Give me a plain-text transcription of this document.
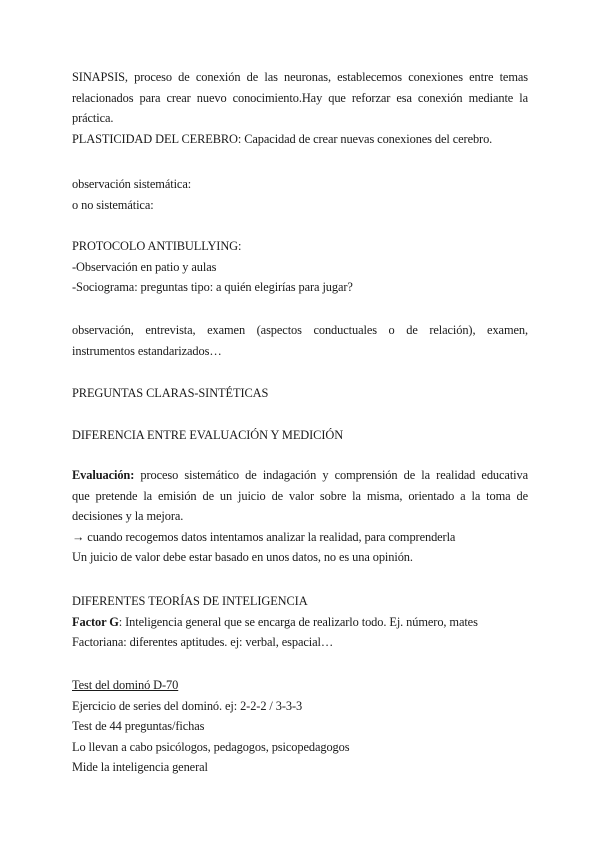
SINAPSIS, proceso de conexión de las neuronas, establecemos conexiones entre temas
relacionados para crear nuevo conocimiento.Hay que reforzar esa conexión mediante la
práctica.
PLASTICIDAD DEL CEREBRO: Capacidad de crear nuevas conexiones del cerebro.
observación sistemática:
o no sistemática:
PROTOCOLO ANTIBULLYING:
-Observación en patio y aulas
-Sociograma: preguntas tipo: a quién elegirías para jugar?
observación, entrevista, examen (aspectos conductuales o de relación), examen,
instrumentos estandarizados…
PREGUNTAS CLARAS-SINTÉTICAS
DIFERENCIA ENTRE EVALUACIÓN Y MEDICIÓN
Evaluación: proceso sistemático de indagación y comprensión de la realidad educativa
que pretende la emisión de un juicio de valor sobre la misma, orientado a la toma de
decisiones y la mejora.
→ cuando recogemos datos intentamos analizar la realidad, para comprenderla
Un juicio de valor debe estar basado en unos datos, no es una opinión.
DIFERENTES TEORÍAS DE INTELIGENCIA
Factor G: Inteligencia general que se encarga de realizarlo todo. Ej. número, mates
Factoriana: diferentes aptitudes. ej: verbal, espacial…
Test del dominó D-70
Ejercicio de series del dominó. ej: 2-2-2 / 3-3-3
Test de 44 preguntas/fichas
Lo llevan a cabo psicólogos, pedagogos, psicopedagogos
Mide la inteligencia general
